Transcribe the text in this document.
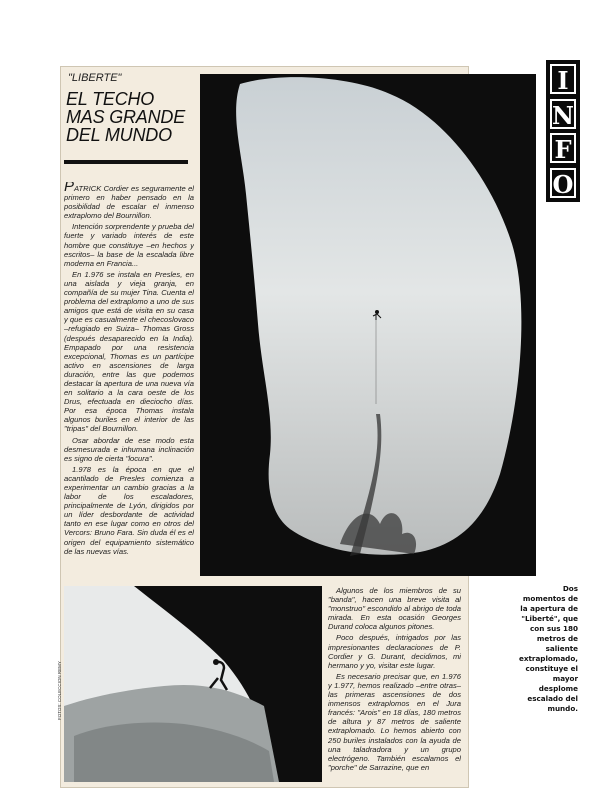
"LIBERTE"
EL TECHO
MAS GRANDE
DEL MUNDO

PATRICK Cordier es seguramente el primero en haber pensado en la posibilidad de escalar el inmenso extraplomo del Bournillon.

Intención sorprendente y prueba del fuerte y variado interés de este hombre que constituye –en hechos y escritos– la base de la escalada libre moderna en Francia...

En 1.976 se instala en Presles, en una aislada y vieja granja, en compañía de su mujer Tina. Cuenta el problema del extraplomo a uno de sus amigos que está de visita en su casa y que es casualmente el checoslovaco –refugiado en Suiza– Thomas Gross (después desaparecido en la India). Empapado por una resistencia excepcional, Thomas es un partícipe activo en ascensiones de larga duración, entre las que podemos destacar la apertura de una nueva vía en solitario a la cara oeste de los Drus, efectuada en dieciocho días. Por esa época Thomas instala algunos buriles en el interior de las "tripas" del Bournillon.

Osar abordar de ese modo esta desmesurada e inhumana inclinación es signo de cierta "locura".

1.978 es la época en que el acantilado de Presles comienza a experimentar un cambio gracias a la labor de los escaladores, principalmente de Lyón, dirigidos por un líder desbordante de actividad tanto en ese lugar como en otros del Vercors: Bruno Fara. Sin duda él es el origen del equipamiento sistemático de las nuevas vías.

FOTOS: COLECCION REMY

Algunos de los miembros de su "banda", hacen una breve visita al "monstruo" escondido al abrigo de toda mirada. En esta ocasión Georges Durand coloca algunos pitones.

Poco después, intrigados por las impresionantes declaraciones de P. Cordier y G. Durant, decidimos, mi hermano y yo, visitar este lugar.

Es necesario precisar que, en 1.976 y 1.977, hemos realizado –entre otras– las primeras ascensiones de dos inmensos extraplomos en el Jura francés: "Arois" en 18 días, 180 metros de altura y 87 metros de saliente extraplomado. Lo hemos abierto con 250 buriles instalados con la ayuda de una taladradora y un grupo electrógeno. También escalamos el "porche" de Sarrazine, que en

I
N
F
O
Dos
momentos de
la apertura de
"Liberté", que
con sus 180
metros de
saliente
extraplomado,
constituye el
mayor
desplome
escalado del
mundo.
